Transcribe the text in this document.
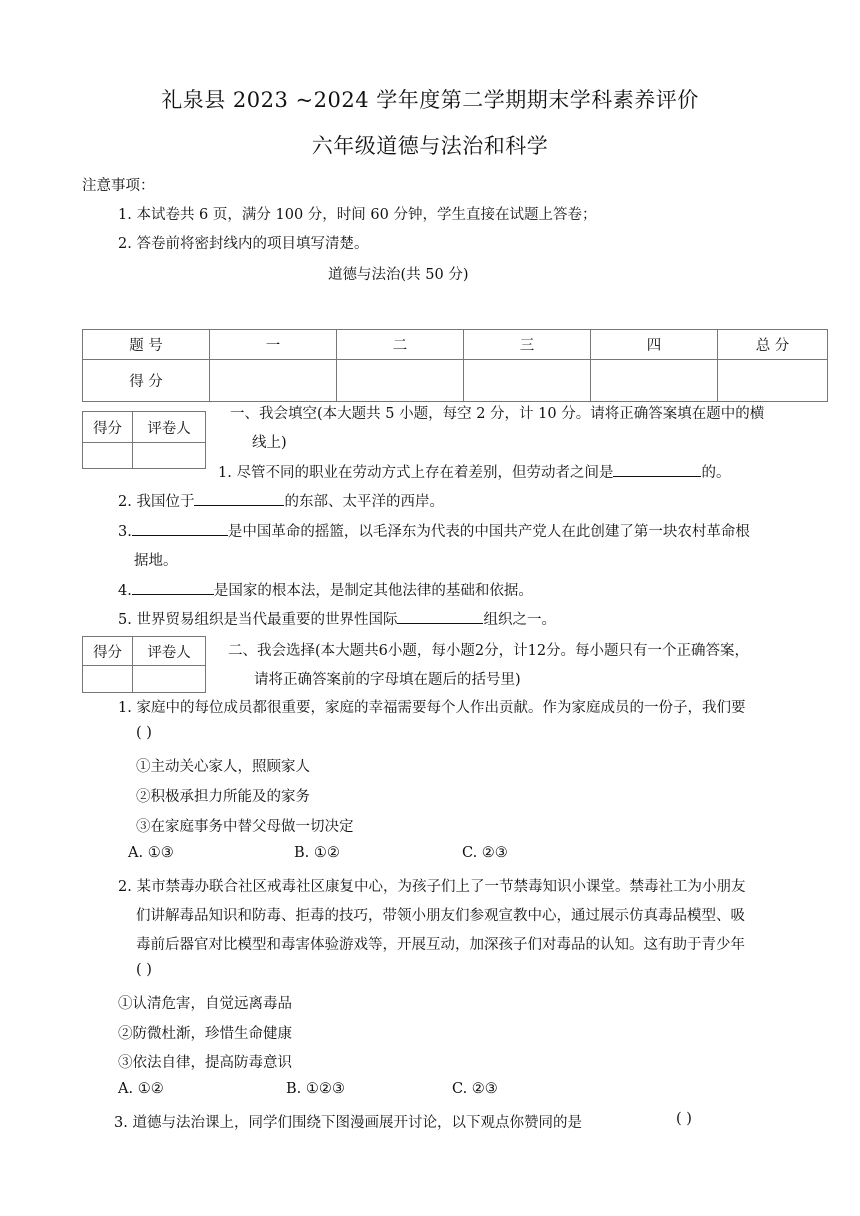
礼泉县 2023 ~2024 学年度第二学期期末学科素养评价
六年级道德与法治和科学
注意事项：
1. 本试卷共 6 页，满分 100 分，时间 60 分钟，学生直接在试题上答卷；
2. 答卷前将密封线内的项目填写清楚。
道德与法治(共 50 分)
题 号	一	二	三	四	总 分
得 分					
得分	评卷人

一、我会填空(本大题共 5 小题，每空 2 分，计 10 分。请将正确答案填在题中的横
线上)
1. 尽管不同的职业在劳动方式上存在着差别，但劳动者之间是	的。
2. 我国位于	的东部、太平洋的西岸。
3.	是中国革命的摇篮，以毛泽东为代表的中国共产党人在此创建了第一块农村革命根
据地。
4.	是国家的根本法，是制定其他法律的基础和依据。
5. 世界贸易组织是当代最重要的世界性国际	组织之一。
得分	评卷人
		二、我会选择(本大题共6小题，每小题2分，计12分。每小题只有一个正确答案，
请将正确答案前的字母填在题后的括号里)
1. 家庭中的每位成员都很重要，家庭的幸福需要每个人作出贡献。作为家庭成员的一份子，我们要
( )
①主动关心家人，照顾家人
②积极承担力所能及的家务
③在家庭事务中替父母做一切决定
A. ①③	B. ①②	C. ②③
2. 某市禁毒办联合社区戒毒社区康复中心，为孩子们上了一节禁毒知识小课堂。禁毒社工为小朋友
们讲解毒品知识和防毒、拒毒的技巧，带领小朋友们参观宣教中心，通过展示仿真毒品模型、吸
毒前后器官对比模型和毒害体验游戏等，开展互动，加深孩子们对毒品的认知。这有助于青少年
( )
①认清危害，自觉远离毒品
②防微杜渐，珍惜生命健康
③依法自律，提高防毒意识
A. ①②	B. ①②③	C. ②③
3. 道德与法治课上，同学们围绕下图漫画展开讨论，以下观点你赞同的是	( )
